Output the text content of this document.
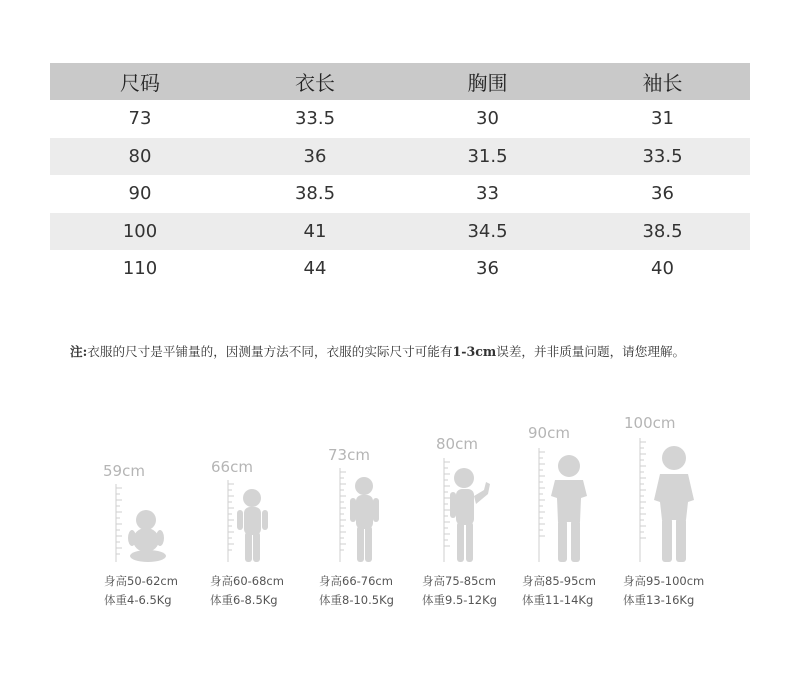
尺码	衣长	胸围	袖长
73	33.5	30	31
80	36	31.5	33.5
90	38.5	33	36
100	41	34.5	38.5
110	44	36	40
注:衣服的尺寸是平铺量的，因测量方法不同，衣服的实际尺寸可能有1-3cm误差，并非质量问题，请您理解。
59cm
身高50-62cm
体重4-6.5Kg
66cm
身高60-68cm
体重6-8.5Kg
73cm
身高66-76cm
体重8-10.5Kg
80cm
身高75-85cm
体重9.5-12Kg
90cm
身高85-95cm
体重11-14Kg
100cm
身高95-100cm
体重13-16Kg
